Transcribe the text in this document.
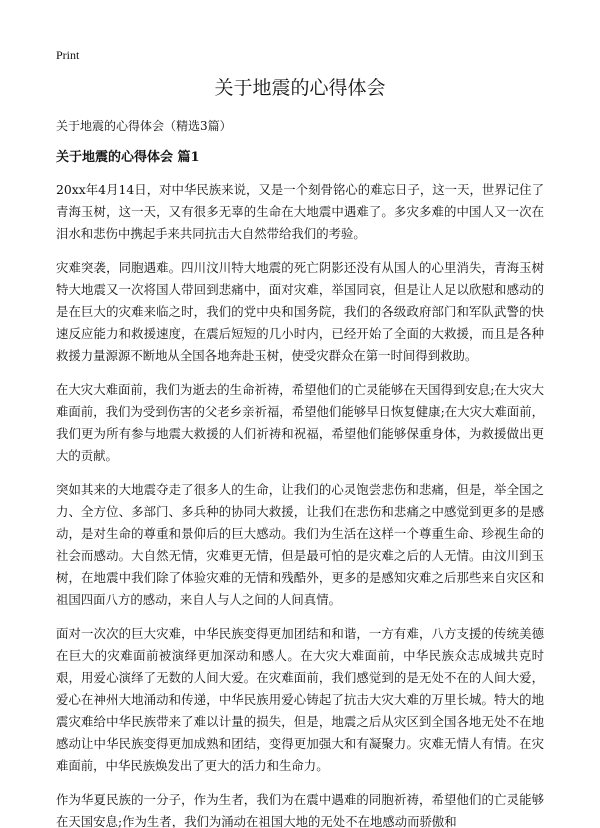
Print
关于地震的心得体会
关于地震的心得体会（精选3篇）
关于地震的心得体会 篇1

20xx年4月14日，对中华民族来说，又是一个刻骨铭心的难忘日子，这一天，世界记住了青海玉树，这一天，又有很多无辜的生命在大地震中遇难了。多灾多难的中国人又一次在泪水和悲伤中携起手来共同抗击大自然带给我们的考验。

灾难突袭，同胞遇难。四川汶川特大地震的死亡阴影还没有从国人的心里消失，青海玉树特大地震又一次将国人带回到悲痛中，面对灾难，举国同哀，但是让人足以欣慰和感动的是在巨大的灾难来临之时，我们的党中央和国务院，我们的各级政府部门和军队武警的快速反应能力和救援速度，在震后短短的几小时内，已经开始了全面的大救援，而且是各种救援力量源源不断地从全国各地奔赴玉树，使受灾群众在第一时间得到救助。

在大灾大难面前，我们为逝去的生命祈祷，希望他们的亡灵能够在天国得到安息;在大灾大难面前，我们为受到伤害的父老乡亲祈福，希望他们能够早日恢复健康;在大灾大难面前，我们更为所有参与地震大救援的人们祈祷和祝福，希望他们能够保重身体，为救援做出更大的贡献。

突如其来的大地震夺走了很多人的生命，让我们的心灵饱尝悲伤和悲痛，但是，举全国之力、全方位、多部门、多兵种的协同大救援，让我们在悲伤和悲痛之中感觉到更多的是感动，是对生命的尊重和景仰后的巨大感动。我们为生活在这样一个尊重生命、珍视生命的社会而感动。大自然无情，灾难更无情，但是最可怕的是灾难之后的人无情。由汶川到玉树，在地震中我们除了体验灾难的无情和残酷外，更多的是感知灾难之后那些来自灾区和祖国四面八方的感动，来自人与人之间的人间真情。

面对一次次的巨大灾难，中华民族变得更加团结和和谐，一方有难，八方支援的传统美德在巨大的灾难面前被演绎更加深动和感人。在大灾大难面前，中华民族众志成城共克时艰，用爱心演绎了无数的人间大爱。在灾难面前，我们感觉到的是无处不在的人间大爱，爱心在神州大地涌动和传递，中华民族用爱心铸起了抗击大灾大难的万里长城。特大的地震灾难给中华民族带来了难以计量的损失，但是，地震之后从灾区到全国各地无处不在地感动让中华民族变得更加成熟和团结，变得更加强大和有凝聚力。灾难无情人有情。在灾难面前，中华民族焕发出了更大的活力和生命力。

作为华夏民族的一分子，作为生者，我们为在震中遇难的同胞祈祷，希望他们的亡灵能够在天国安息;作为生者，我们为涌动在祖国大地的无处不在地感动而骄傲和
